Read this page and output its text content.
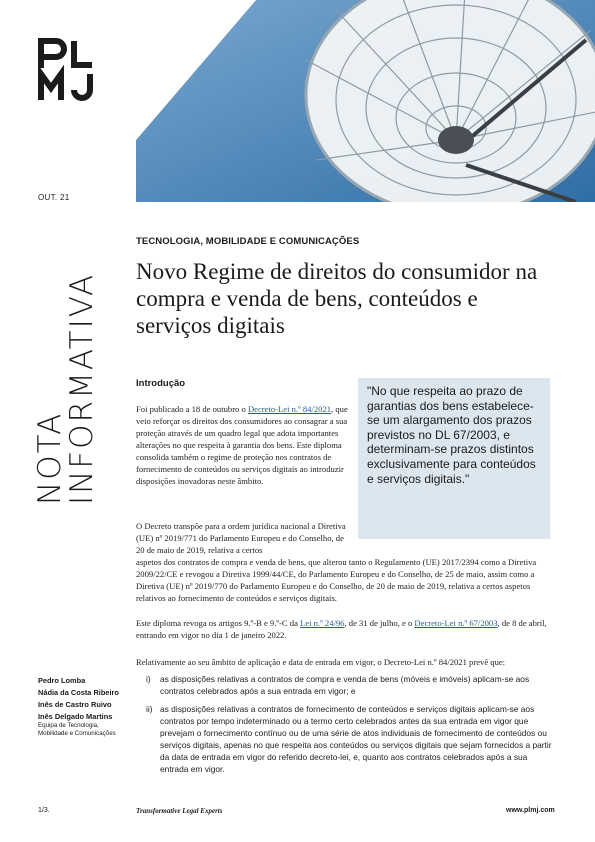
OUT. 21
NOTA
INFORMATIVA
TECNOLOGIA, MOBILIDADE E COMUNICAÇÕES
Novo Regime de direitos do consumidor na compra e venda de bens, conteúdos e serviços digitais
Introdução
"No que respeita ao prazo de garantias dos bens estabelece-se um alargamento dos prazos previstos no DL 67/2003, e determinam-se prazos distintos exclusivamente para conteúdos e serviços digitais."
Foi publicado a 18 de outubro o Decreto-Lei n.º 84/2021, que veio reforçar os direitos dos consumidores ao consagrar a sua proteção através de um quadro legal que adota importantes alterações no que respeita à garantia dos bens. Este diploma consolida também o regime de proteção nos contratos de fornecimento de conteúdos ou serviços digitais ao introduzir disposições inovadoras neste âmbito.
O Decreto transpõe para a ordem jurídica nacional a Diretiva (UE) nº 2019/771 do Parlamento Europeu e do Conselho, de 20 de maio de 2019, relativa a certos
aspetos dos contratos de compra e venda de bens, que alterou tanto o Regulamento (UE) 2017/2394 como a Diretiva 2009/22/CE e revogou a Diretiva 1999/44/CE, do Parlamento Europeu e do Conselho, de 25 de maio, assim como a Diretiva (UE) nº 2019/770 do Parlamento Europeu e do Conselho, de 20 de maio de 2019, relativa a certos aspetos relativos ao fornecimento de conteúdos e serviços digitais.
Este diploma revoga os artigos 9.º-B e 9.º-C da Lei n.º 24/96, de 31 de julho, e o Decreto-Lei n.º 67/2003, de 8 de abril, entrando em vigor no dia 1 de janeiro 2022.
Relativamente ao seu âmbito de aplicação e data de entrada em vigor, o Decreto-Lei n.º 84/2021 prevê que:
i) as disposições relativas a contratos de compra e venda de bens (móveis e imóveis) aplicam-se aos contratos celebrados após a sua entrada em vigor; e
ii) as disposições relativas a contratos de fornecimento de conteúdos e serviços digitais aplicam-se aos contratos por tempo indeterminado ou a termo certo celebrados antes da sua entrada em vigor que prevejam o fornecimento contínuo ou de uma série de atos individuais de fornecimento de conteúdos ou serviços digitais, apenas no que respeita aos conteúdos ou serviços digitais que sejam fornecidos a partir da data de entrada em vigor do referido decreto-lei, e, quanto aos contratos celebrados após a sua entrada em vigor.
Pedro Lomba
Nádia da Costa Ribeiro
Inês de Castro Ruivo
Inês Delgado Martins
Equipa de Tecnologia, Mobilidade e Comunicações
1/3.	Transformative Legal Experts	www.plmj.com
